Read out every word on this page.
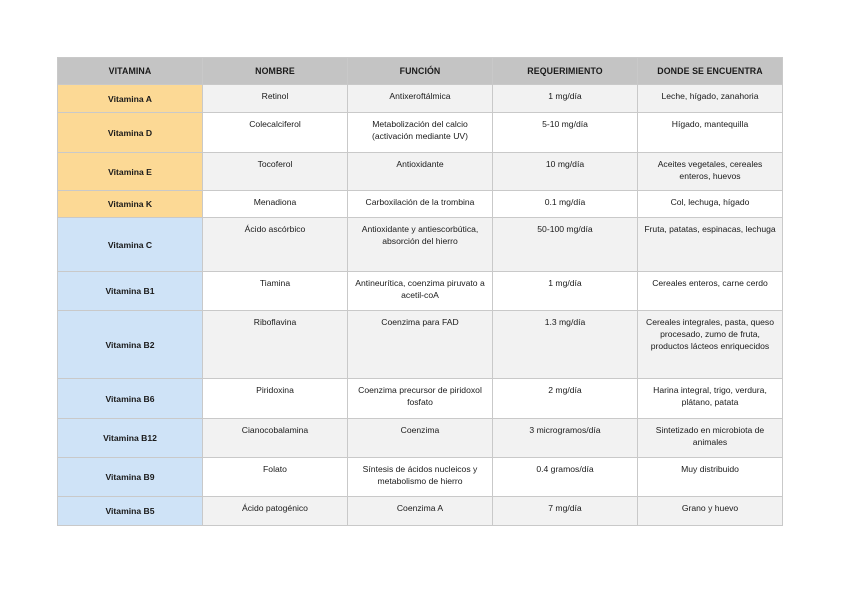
VITAMINA	NOMBRE	FUNCIÓN	REQUERIMIENTO	DONDE SE ENCUENTRA
Vitamina A	Retinol	Antixeroftálmica	1 mg/día	Leche, hígado, zanahoria
Vitamina D	Colecalciferol	Metabolización del calcio (activación mediante UV)	5-10 mg/día	Hígado, mantequilla
Vitamina E	Tocoferol	Antioxidante	10 mg/día	Aceites vegetales, cereales enteros, huevos
Vitamina K	Menadiona	Carboxilación de la trombina	0.1 mg/día	Col, lechuga, hígado
Vitamina C	Ácido ascórbico	Antioxidante y antiescorbútica, absorción del hierro	50-100 mg/día	Fruta, patatas, espinacas, lechuga
Vitamina B1	Tiamina	Antineurítica, coenzima piruvato a acetil-coA	1 mg/día	Cereales enteros, carne cerdo
Vitamina B2	Riboflavina	Coenzima para FAD	1.3 mg/día	Cereales integrales, pasta, queso procesado, zumo de fruta, productos lácteos enriquecidos
Vitamina B6	Piridoxina	Coenzima precursor de piridoxol fosfato	2 mg/día	Harina integral, trigo, verdura, plátano, patata
Vitamina B12	Cianocobalamina	Coenzima	3 microgramos/día	Sintetizado en microbiota de animales
Vitamina B9	Folato	Síntesis de ácidos nucleicos y metabolismo de hierro	0.4 gramos/día	Muy distribuido
Vitamina B5	Ácido patogénico	Coenzima A	7 mg/día	Grano y huevo
